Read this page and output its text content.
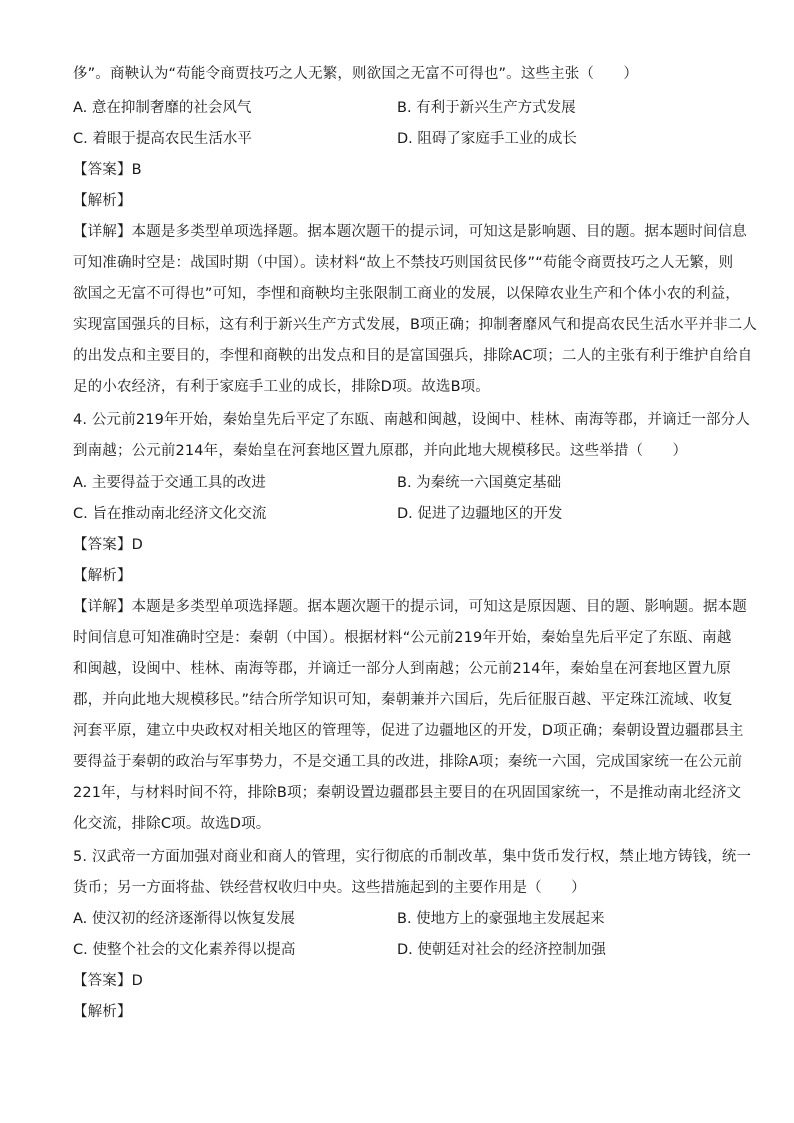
侈”。商鞅认为“苟能令商贾技巧之人无繁，则欲国之无富不可得也”。这些主张（　　）
A. 意在抑制奢靡的社会风气	B. 有利于新兴生产方式发展
C. 着眼于提高农民生活水平	D. 阻碍了家庭手工业的成长
【答案】B
【解析】
【详解】本题是多类型单项选择题。据本题次题干的提示词，可知这是影响题、目的题。据本题时间信息
可知准确时空是：战国时期（中国）。读材料“故上不禁技巧则国贫民侈”“苟能令商贾技巧之人无繁，则
欲国之无富不可得也”可知，李悝和商鞅均主张限制工商业的发展，以保障农业生产和个体小农的利益，
实现富国强兵的目标，这有利于新兴生产方式发展，B项正确；抑制奢靡风气和提高农民生活水平并非二人
的出发点和主要目的，李悝和商鞅的出发点和目的是富国强兵，排除AC项；二人的主张有利于维护自给自
足的小农经济，有利于家庭手工业的成长，排除D项。故选B项。
4. 公元前219年开始，秦始皇先后平定了东瓯、南越和闽越，设闽中、桂林、南海等郡，并谪迁一部分人
到南越；公元前214年，秦始皇在河套地区置九原郡，并向此地大规模移民。这些举措（　　）
A. 主要得益于交通工具的改进	B. 为秦统一六国奠定基础
C. 旨在推动南北经济文化交流	D. 促进了边疆地区的开发
【答案】D
【解析】
【详解】本题是多类型单项选择题。据本题次题干的提示词，可知这是原因题、目的题、影响题。据本题
时间信息可知准确时空是：秦朝（中国）。根据材料“公元前219年开始，秦始皇先后平定了东瓯、南越
和闽越，设闽中、桂林、南海等郡，并谪迁一部分人到南越；公元前214年，秦始皇在河套地区置九原
郡，并向此地大规模移民。”结合所学知识可知，秦朝兼并六国后，先后征服百越、平定珠江流域、收复
河套平原，建立中央政权对相关地区的管理等，促进了边疆地区的开发，D项正确；秦朝设置边疆郡县主
要得益于秦朝的政治与军事势力，不是交通工具的改进，排除A项；秦统一六国，完成国家统一在公元前
221年，与材料时间不符，排除B项；秦朝设置边疆郡县主要目的在巩固国家统一，不是推动南北经济文
化交流，排除C项。故选D项。
5. 汉武帝一方面加强对商业和商人的管理，实行彻底的币制改革，集中货币发行权，禁止地方铸钱，统一
货币；另一方面将盐、铁经营权收归中央。这些措施起到的主要作用是（　　）
A. 使汉初的经济逐渐得以恢复发展	B. 使地方上的豪强地主发展起来
C. 使整个社会的文化素养得以提高	D. 使朝廷对社会的经济控制加强
【答案】D
【解析】
